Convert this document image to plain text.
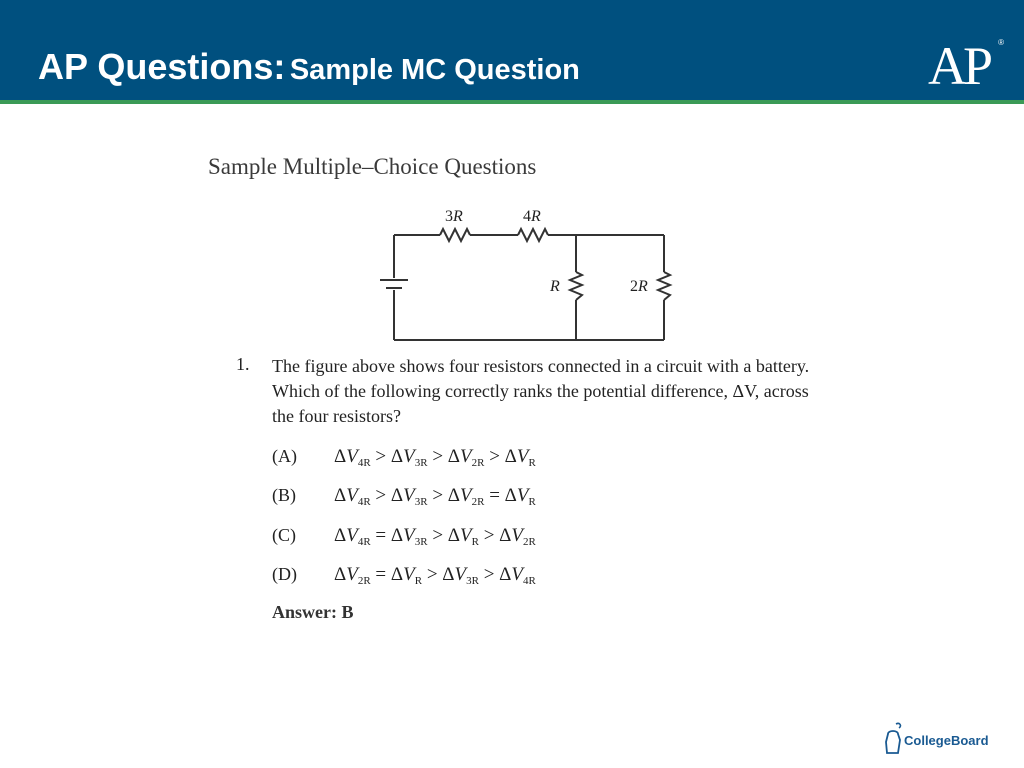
AP Questions: Sample MC Question	AP ®
Sample Multiple–Choice Questions
3R	4R
R	2R
1. The figure above shows four resistors connected in a circuit with a battery. Which of the following correctly ranks the potential difference, ΔV, across the four resistors?
(A) $\Delta V_{4R} > \Delta V_{3R} > \Delta V_{2R} > \Delta V_R$
(B) $\Delta V_{4R} > \Delta V_{3R} > \Delta V_{2R} = \Delta V_R$
(C) $\Delta V_{4R} = \Delta V_{3R} > \Delta V_R > \Delta V_{2R}$
(D) $\Delta V_{2R} = \Delta V_R > \Delta V_{3R} > \Delta V_{4R}$
Answer: B
CollegeBoard
